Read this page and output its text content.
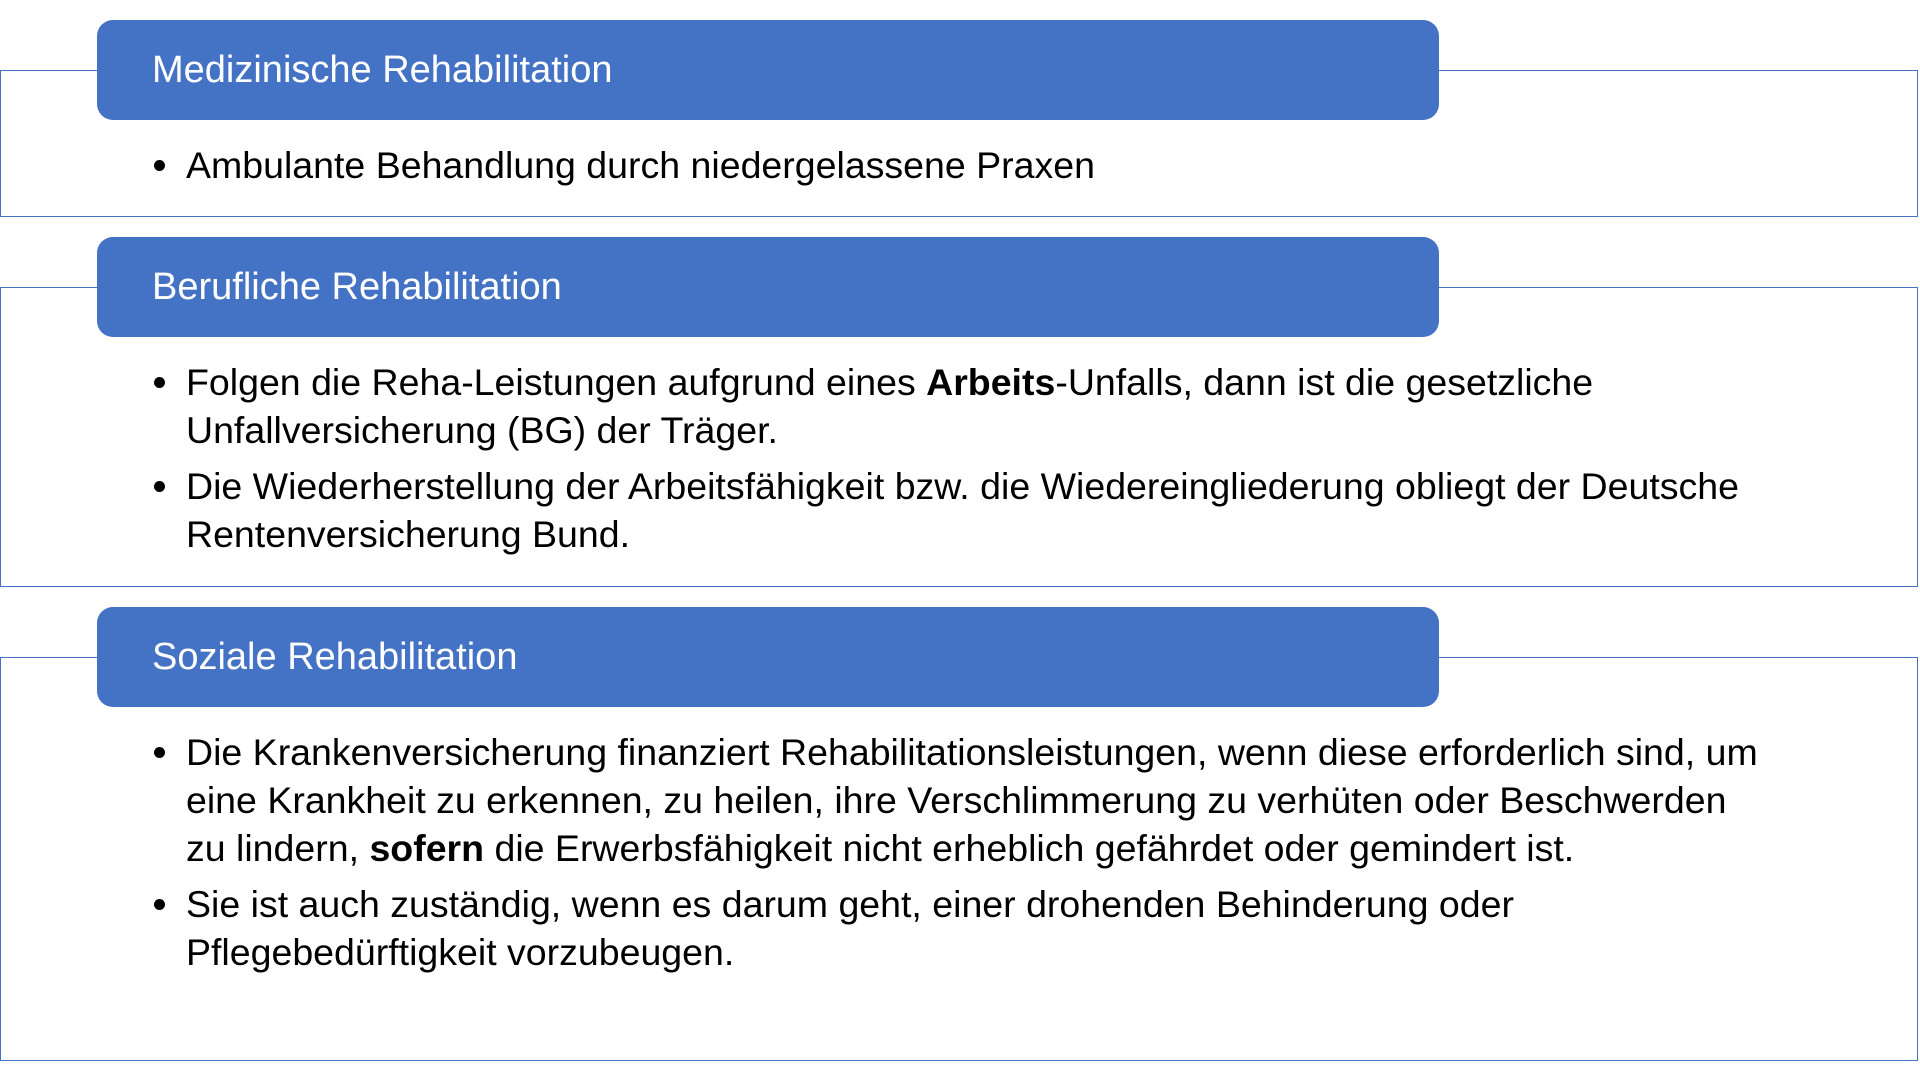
Medizinische Rehabilitation
Ambulante Behandlung durch niedergelassene Praxen
Berufliche Rehabilitation
Folgen die Reha-Leistungen aufgrund eines Arbeits-Unfalls, dann ist die gesetzliche Unfallversicherung (BG) der Träger.
Die Wiederherstellung der Arbeitsfähigkeit bzw. die Wiedereingliederung obliegt der Deutsche Rentenversicherung Bund.
Soziale Rehabilitation
Die Krankenversicherung finanziert Rehabilitationsleistungen, wenn diese erforderlich sind, um eine Krankheit zu erkennen, zu heilen, ihre Verschlimmerung zu verhüten oder Beschwerden zu lindern, sofern die Erwerbsfähigkeit nicht erheblich gefährdet oder gemindert ist.
Sie ist auch zuständig, wenn es darum geht, einer drohenden Behinderung oder Pflegebedürftigkeit vorzubeugen.
